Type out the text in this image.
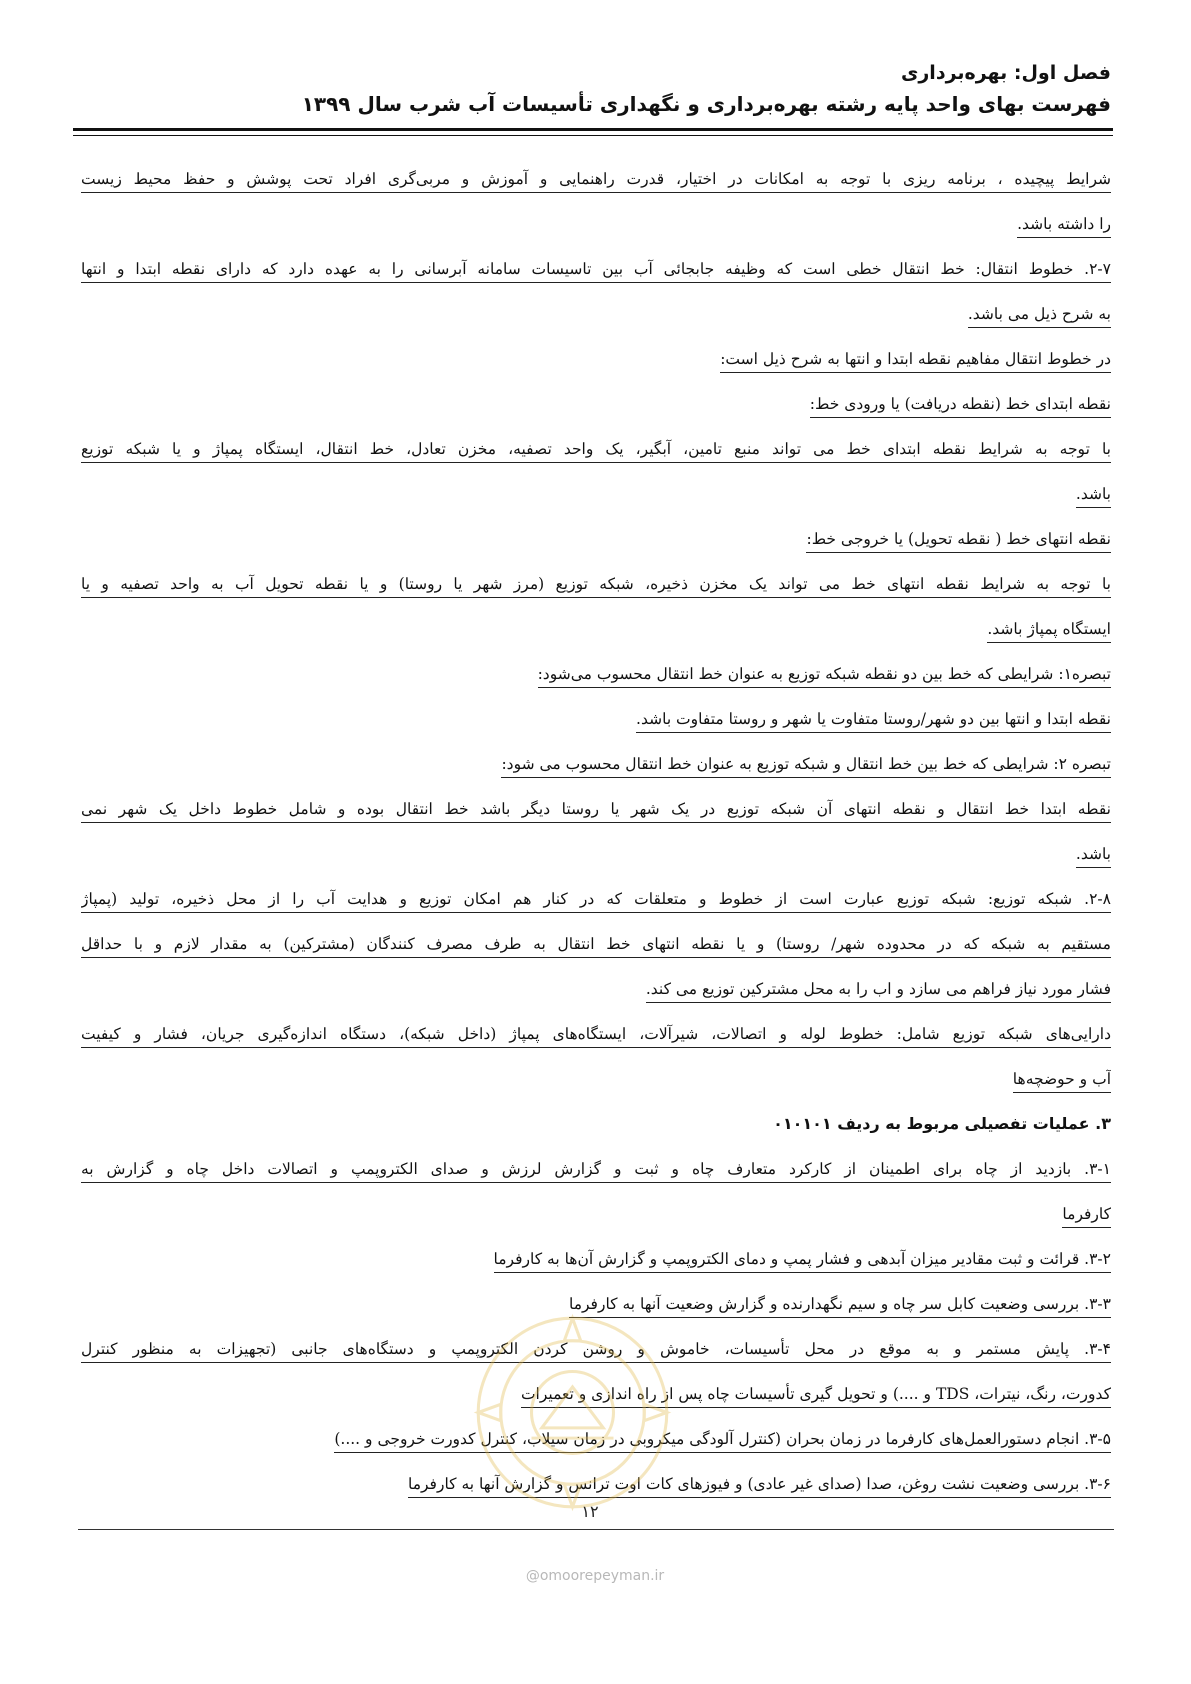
فصل اول: بهره‌برداری
فهرست بهای واحد پایه رشته بهره‌برداری و نگهداری تأسیسات آب شرب سال ۱۳۹۹
شرایط پیچیده ، برنامه ریزی با توجه به امکانات در اختیار، قدرت راهنمایی و آموزش و مربی‌گری افراد تحت پوشش و حفظ محیط زیست
را داشته باشد.
۲-۷. خطوط انتقال: خط انتقال خطی است که وظیفه جابجائی آب بین تاسیسات سامانه آبرسانی را به عهده دارد که دارای نقطه ابتدا و انتها
به شرح ذیل می باشد.
در خطوط انتقال مفاهیم نقطه ابتدا و انتها به شرح ذیل است:
نقطه ابتدای خط (نقطه دریافت) یا ورودی خط:
با توجه به شرایط نقطه ابتدای خط می تواند منبع تامین، آبگیر، یک واحد تصفیه، مخزن تعادل، خط انتقال، ایستگاه پمپاژ و یا شبکه توزیع
باشد.
نقطه انتهای خط ( نقطه تحویل) یا خروجی خط:
با توجه به شرایط نقطه انتهای خط می تواند یک مخزن ذخیره، شبکه توزیع (مرز شهر یا روستا) و یا نقطه تحویل آب به واحد تصفیه و یا
ایستگاه پمپاژ باشد.
تبصره۱: شرایطی که خط بین دو نقطه شبکه توزیع به عنوان خط انتقال محسوب می‌شود:
نقطه ابتدا و انتها بین دو شهر/روستا متفاوت یا شهر و روستا متفاوت باشد.
تبصره ۲: شرایطی که خط بین خط انتقال و شبکه توزیع به عنوان خط انتقال محسوب می شود:
نقطه ابتدا خط انتقال و نقطه انتهای آن شبکه توزیع در یک شهر یا روستا دیگر باشد خط انتقال بوده و شامل خطوط داخل یک شهر نمی
باشد.
۲-۸. شبکه توزیع: شبکه توزیع عبارت است از خطوط و متعلقات که در کنار هم امکان توزیع و هدایت آب را از محل ذخیره، تولید (پمپاژ
مستقیم به شبکه که در محدوده شهر/ روستا) و یا نقطه انتهای خط انتقال به طرف مصرف کنندگان (مشترکین) به مقدار لازم و با حداقل
فشار مورد نیاز فراهم می سازد و اب را به محل مشترکین توزیع می کند.
دارایی‌های شبکه توزیع شامل: خطوط لوله و اتصالات، شیرآلات، ایستگاه‌های پمپاژ (داخل شبکه)، دستگاه اندازه‌گیری جریان، فشار و کیفیت
آب و حوضچه‌ها
۳. عملیات تفصیلی مربوط به ردیف ۰۱۰۱۰۱
۳-۱. بازدید از چاه برای اطمینان از کارکرد متعارف چاه و ثبت و گزارش لرزش و صدای الکتروپمپ و اتصالات داخل چاه و گزارش به
کارفرما
۳-۲. قرائت و ثبت مقادیر میزان آبدهی و فشار پمپ و دمای الکتروپمپ و گزارش آن‌ها به کارفرما
۳-۳. بررسی وضعیت کابل سر چاه و سیم نگهدارنده و گزارش وضعیت آنها به کارفرما
۳-۴. پایش مستمر و به موقع در محل تأسیسات، خاموش و روشن کردن الکتروپمپ و دستگاه‌های جانبی (تجهیزات به منظور کنترل
کدورت، رنگ، نیترات، TDS و ....) و تحویل گیری تأسیسات چاه پس از راه اندازی و تعمیرات
۳-۵. انجام دستورالعمل‌های کارفرما در زمان بحران (کنترل آلودگی میکروبی در زمان سیلاب، کنترل کدورت خروجی و ....)
۳-۶. بررسی وضعیت نشت روغن، صدا (صدای غیر عادی) و فیوزهای کات اوت ترانس و گزارش آنها به کارفرما
۱۲
@omoorepeyman.ir
